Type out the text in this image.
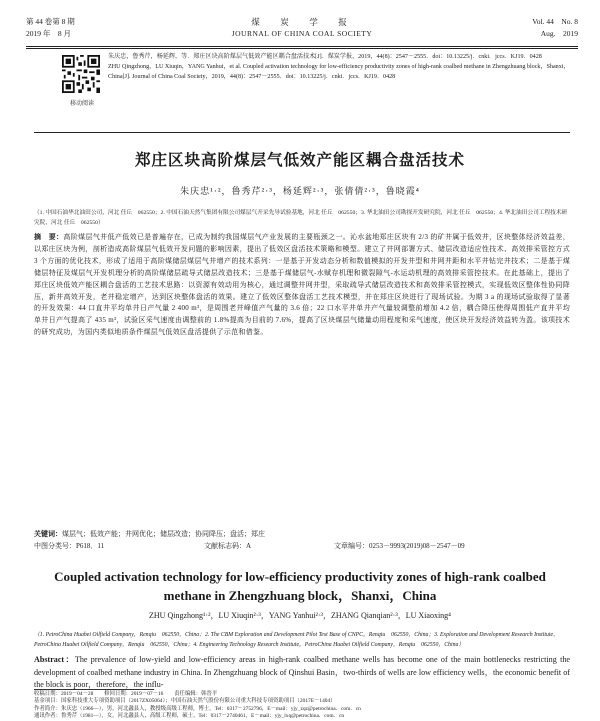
第 44 卷第 8 期
2019 年　8 月
煤　炭　学　报
JOURNAL OF CHINA COAL SOCIETY
Vol. 44　No. 8
Aug.　2019
移动阅读
朱庆忠，鲁秀芹，杨延辉，等．郑庄区块高阶煤层气低效产能区耦合盘活技术[J]．煤炭学报，2019，44(8)：2547－2555．doi：10.13225/j．cnki．jccs．KJ19．0428
ZHU Qingzhong，LU Xiuqin，YANG Yanhui，et al. Coupled activation technology for low-efficiency productivity zones of high-rank coalbed methane in Zhengzhuang block，Shanxi，China[J]. Journal of China Coal Society，2019，44(8)：2547－2555．doi：10.13225/j．cnki．jccs．KJ19．0428
郑庄区块高阶煤层气低效产能区耦合盘活技术
朱庆忠¹·²，鲁秀芹²·³，杨延辉²·³，张倩倩²·³，鲁晓霞⁴
（1. 中国石油华北油田公司，河北 任丘　062550；2. 中国石油天然气集团有限公司煤层气开采先导试验基地，河北 任丘　062550；3. 华北油田公司勘探开发研究院，河北 任丘　062550；4. 华北油田公司工程技术研究院，河北 任丘　062550）
摘　要：高阶煤层气井低产低效已是普遍存在，已成为制约我国煤层气产业发展的主要瓶颈之一。沁水盆地郑庄区块有 2/3 的矿井属于低效井，区块整体经济效益差，以郑庄区块为例，剖析造成高阶煤层气低效开发问题的影响因素，提出了低效区盘活技术策略和模型。建立了井网部署方式、储层改造适应性技术、高效排采管控方式 3 个方面的优化技术，形成了适用于高阶煤储层煤层气井增产的技术系列：一是基于开发动态分析和数值模拟的开发井型和井网井距和水平井钻完井技术；二是基于煤储层特征及煤层气开发机理分析的高阶煤储层疏导式储层改造技术；三是基于煤储层气-水赋存机理和微裂隙气-水运动机理的高效排采管控技术。在此基础上，提出了郑庄区块低效产能区耦合盘活的工艺技术思路：以资源有效动用为核心，通过调整井网井型，采取疏导式储层改造技术和高效排采管控模式，实现低效区整体性协同降压，新井高效开发，老井稳定增产，达到区块整体盘活的效果。建立了低效区整体盘活工艺技术模型，并在郑庄区块进行了现场试验。为期 3 a 的现场试验取得了显著的开发效果：44 口直井平均单井日产气量 2 400 m³，是周围老井峰值产气量的 3.6 倍；22 口水平井单井产气量较调整前增加 4.2 倍，耦合降压使得周围低产直井平均单井日产气提高了 435 m³，试验区采气速度由调整前的 1.8%提高为目前的 7.6%，提高了区块煤层气储量动用程度和采气速度，使区块开发经济效益转为盈。该项技术的研究成功，为国内类似地质条件煤层气低效区盘活提供了示范和借鉴。
关键词：煤层气；低效产能；井网优化；储层改造；协同降压；盘活；郑庄
中图分类号：P618．11	文献标志码：A	文章编号：0253－9993(2019)08－2547－09
Coupled activation technology for low-efficiency productivity zones of high-rank coalbed methane in Zhengzhuang block，Shanxi，China
ZHU Qingzhong¹·²，LU Xiuqin²·³，YANG Yanhui²·³，ZHANG Qianqian²·³，LU Xiaoxing⁴
（1. PetroChina Huabei Oilfield Company，Renqiu　062550，China；2. The CBM Exploration and Development Pilot Test Base of CNPC，Renqiu　062550，China；3. Exploration and Development Research Institute，PetroChina Huabei Oilfield Company，Renqiu　062550，China；4. Engineering Technology Research Institute，PetroChina Huabei Oilfield Company，Renqiu　062550，China）
Abstract：The prevalence of low-yield and low-efficiency areas in high-rank coalbed methane wells has become one of the main bottlenecks restricting the development of coalbed methane industry in China. In Zhengzhuang block of Qinshui Basin，two-thirds of wells are low efficiency wells，the economic benefit of the block is poor，therefore，the influ-
收稿日期：2019－04－28　　修回日期：2019－07－16　　责任编辑：韩晋平
基金项目：国家科技重大专项资助项目（2017ZX05064）；中国石油天然气股份有限公司重大科技专项资助项目（2017E－1404）
作者简介：朱庆忠（1966—），男，河北蠡县人，教授级高级工程师，博士。Tel：0317－2752796，E－mail：yjy_zqz@petrochina．com．cn
通讯作者：鲁秀芹（1981—），女，河北蠡县人，高级工程师，硕士。Tel：0317－2740461，E－mail：yjy_lxq@petrochina．com．cn
